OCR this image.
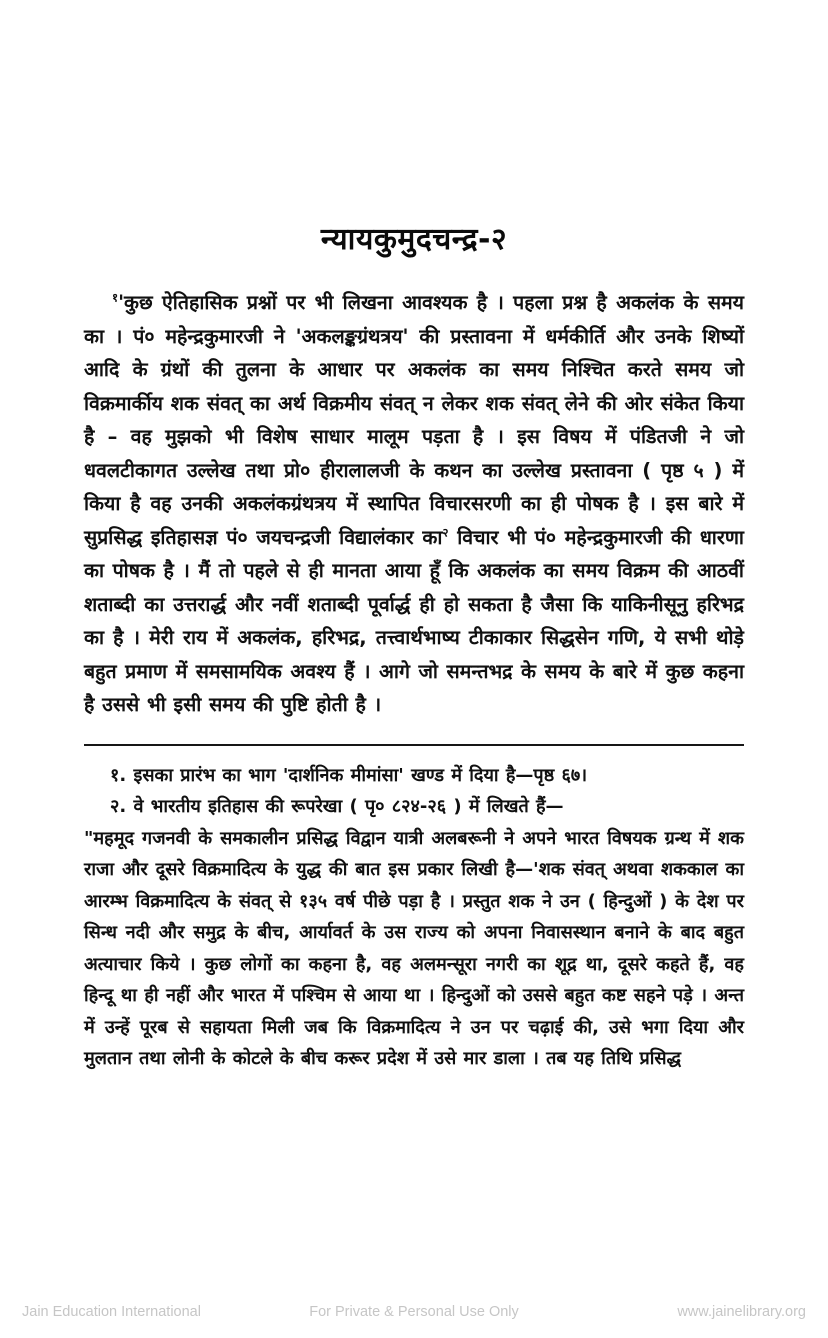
न्यायकुमुदचन्द्र-२

$^१$'कुछ ऐतिहासिक प्रश्नों पर भी लिखना आवश्यक है । पहला प्रश्न है अकलंक के समय का । पं० महेन्द्रकुमारजी ने 'अकलङ्कग्रंथत्रय' की प्रस्तावना में धर्मकीर्ति और उनके शिष्यों आदि के ग्रंथों की तुलना के आधार पर अकलंक का समय निश्चित करते समय जो विक्रमार्कीय शक संवत् का अर्थ विक्रमीय संवत् न लेकर शक संवत् लेने की ओर संकेत किया है – वह मुझको भी विशेष साधार मालूम पड़ता है । इस विषय में पंडितजी ने जो धवलटीकागत उल्लेख तथा प्रो० हीरालालजी के कथन का उल्लेख प्रस्तावना ( पृष्ठ ५ ) में किया है वह उनकी अकलंकग्रंथत्रय में स्थापित विचारसरणी का ही पोषक है । इस बारे में सुप्रसिद्ध इतिहासज्ञ पं० जयचन्द्रजी विद्यालंकार का$^२$ विचार भी पं० महेन्द्रकुमारजी की धारणा का पोषक है । मैं तो पहले से ही मानता आया हूँ कि अकलंक का समय विक्रम की आठवीं शताब्दी का उत्तरार्द्ध और नवीं शताब्दी पूर्वार्द्ध ही हो सकता है जैसा कि याकिनीसूनु हरिभद्र का है । मेरी राय में अकलंक, हरिभद्र, तत्त्वार्थभाष्य टीकाकार सिद्धसेन गणि, ये सभी थोड़े बहुत प्रमाण में समसामयिक अवश्य हैं । आगे जो समन्तभद्र के समय के बारे में कुछ कहना है उससे भी इसी समय की पुष्टि होती है ।

१. इसका प्रारंभ का भाग 'दार्शनिक मीमांसा' खण्ड में दिया है—पृष्ठ ६७।

२. वे भारतीय इतिहास की रूपरेखा ( पृ० ८२४-२६ ) में लिखते हैं—

"महमूद गजनवी के समकालीन प्रसिद्ध विद्वान यात्री अलबरूनी ने अपने भारत विषयक ग्रन्थ में शक राजा और दूसरे विक्रमादित्य के युद्ध की बात इस प्रकार लिखी है—'शक संवत् अथवा शककाल का आरम्भ विक्रमादित्य के संवत् से १३५ वर्ष पीछे पड़ा है । प्रस्तुत शक ने उन ( हिन्दुओं ) के देश पर सिन्ध नदी और समुद्र के बीच, आर्यावर्त के उस राज्य को अपना निवासस्थान बनाने के बाद बहुत अत्याचार किये । कुछ लोगों का कहना है, वह अलमन्सूरा नगरी का शूद्र था, दूसरे कहते हैं, वह हिन्दू था ही नहीं और भारत में पश्चिम से आया था । हिन्दुओं को उससे बहुत कष्ट सहने पड़े । अन्त में उन्हें पूरब से सहायता मिली जब कि विक्रमादित्य ने उन पर चढ़ाई की, उसे भगा दिया और मुलतान तथा लोनी के कोटले के बीच करूर प्रदेश में उसे मार डाला । तब यह तिथि प्रसिद्ध

Jain Education International	For Private & Personal Use Only	www.jainelibrary.org
